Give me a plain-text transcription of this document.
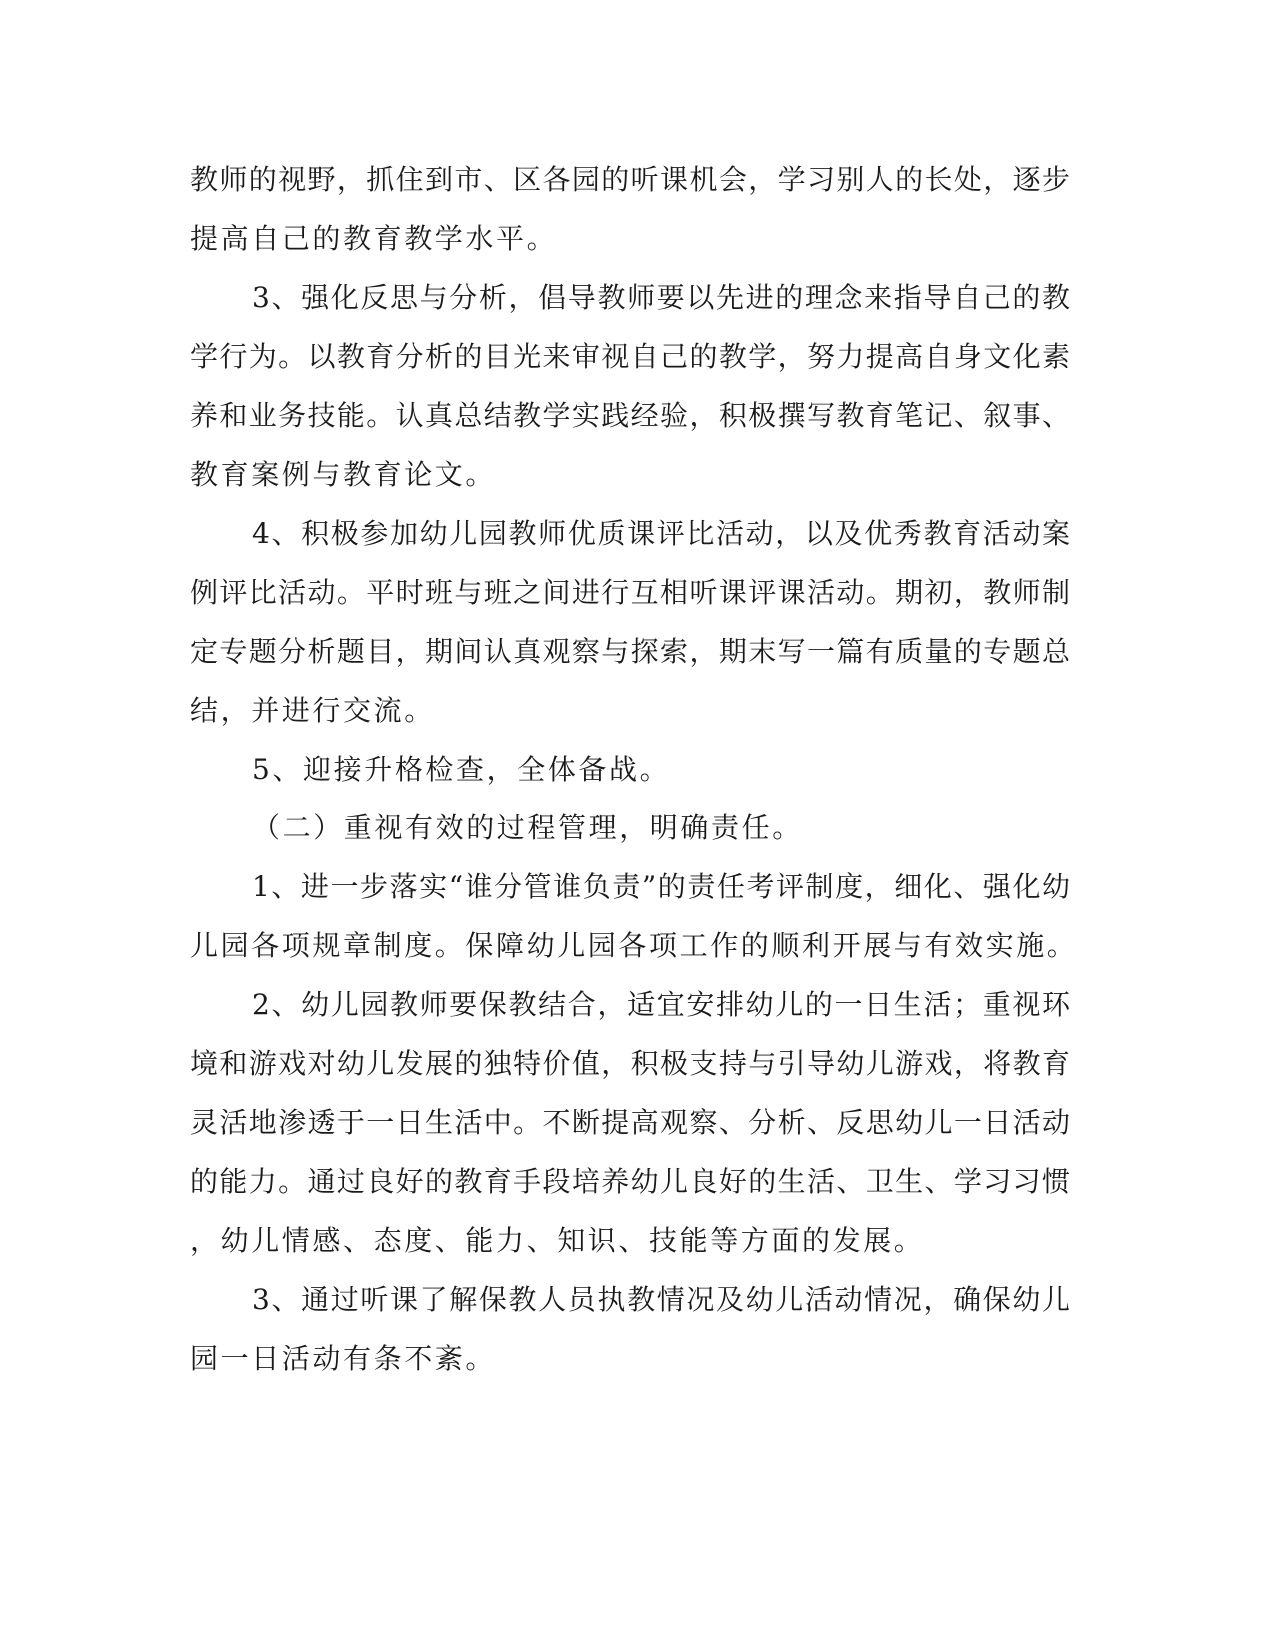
教师的视野，抓住到市、区各园的听课机会，学习别人的长处，逐步
提高自己的教育教学水平。
3、强化反思与分析，倡导教师要以先进的理念来指导自己的教
学行为。以教育分析的目光来审视自己的教学，努力提高自身文化素
养和业务技能。认真总结教学实践经验，积极撰写教育笔记、叙事、
教育案例与教育论文。
4、积极参加幼儿园教师优质课评比活动，以及优秀教育活动案
例评比活动。平时班与班之间进行互相听课评课活动。期初，教师制
定专题分析题目，期间认真观察与探索，期末写一篇有质量的专题总
结，并进行交流。
5、迎接升格检查，全体备战。
（二）重视有效的过程管理，明确责任。
1、进一步落实“谁分管谁负责”的责任考评制度，细化、强化幼
儿园各项规章制度。保障幼儿园各项工作的顺利开展与有效实施。
2、幼儿园教师要保教结合，适宜安排幼儿的一日生活；重视环
境和游戏对幼儿发展的独特价值，积极支持与引导幼儿游戏，将教育
灵活地渗透于一日生活中。不断提高观察、分析、反思幼儿一日活动
的能力。通过良好的教育手段培养幼儿良好的生活、卫生、学习习惯
，幼儿情感、态度、能力、知识、技能等方面的发展。
3、通过听课了解保教人员执教情况及幼儿活动情况，确保幼儿
园一日活动有条不紊。
